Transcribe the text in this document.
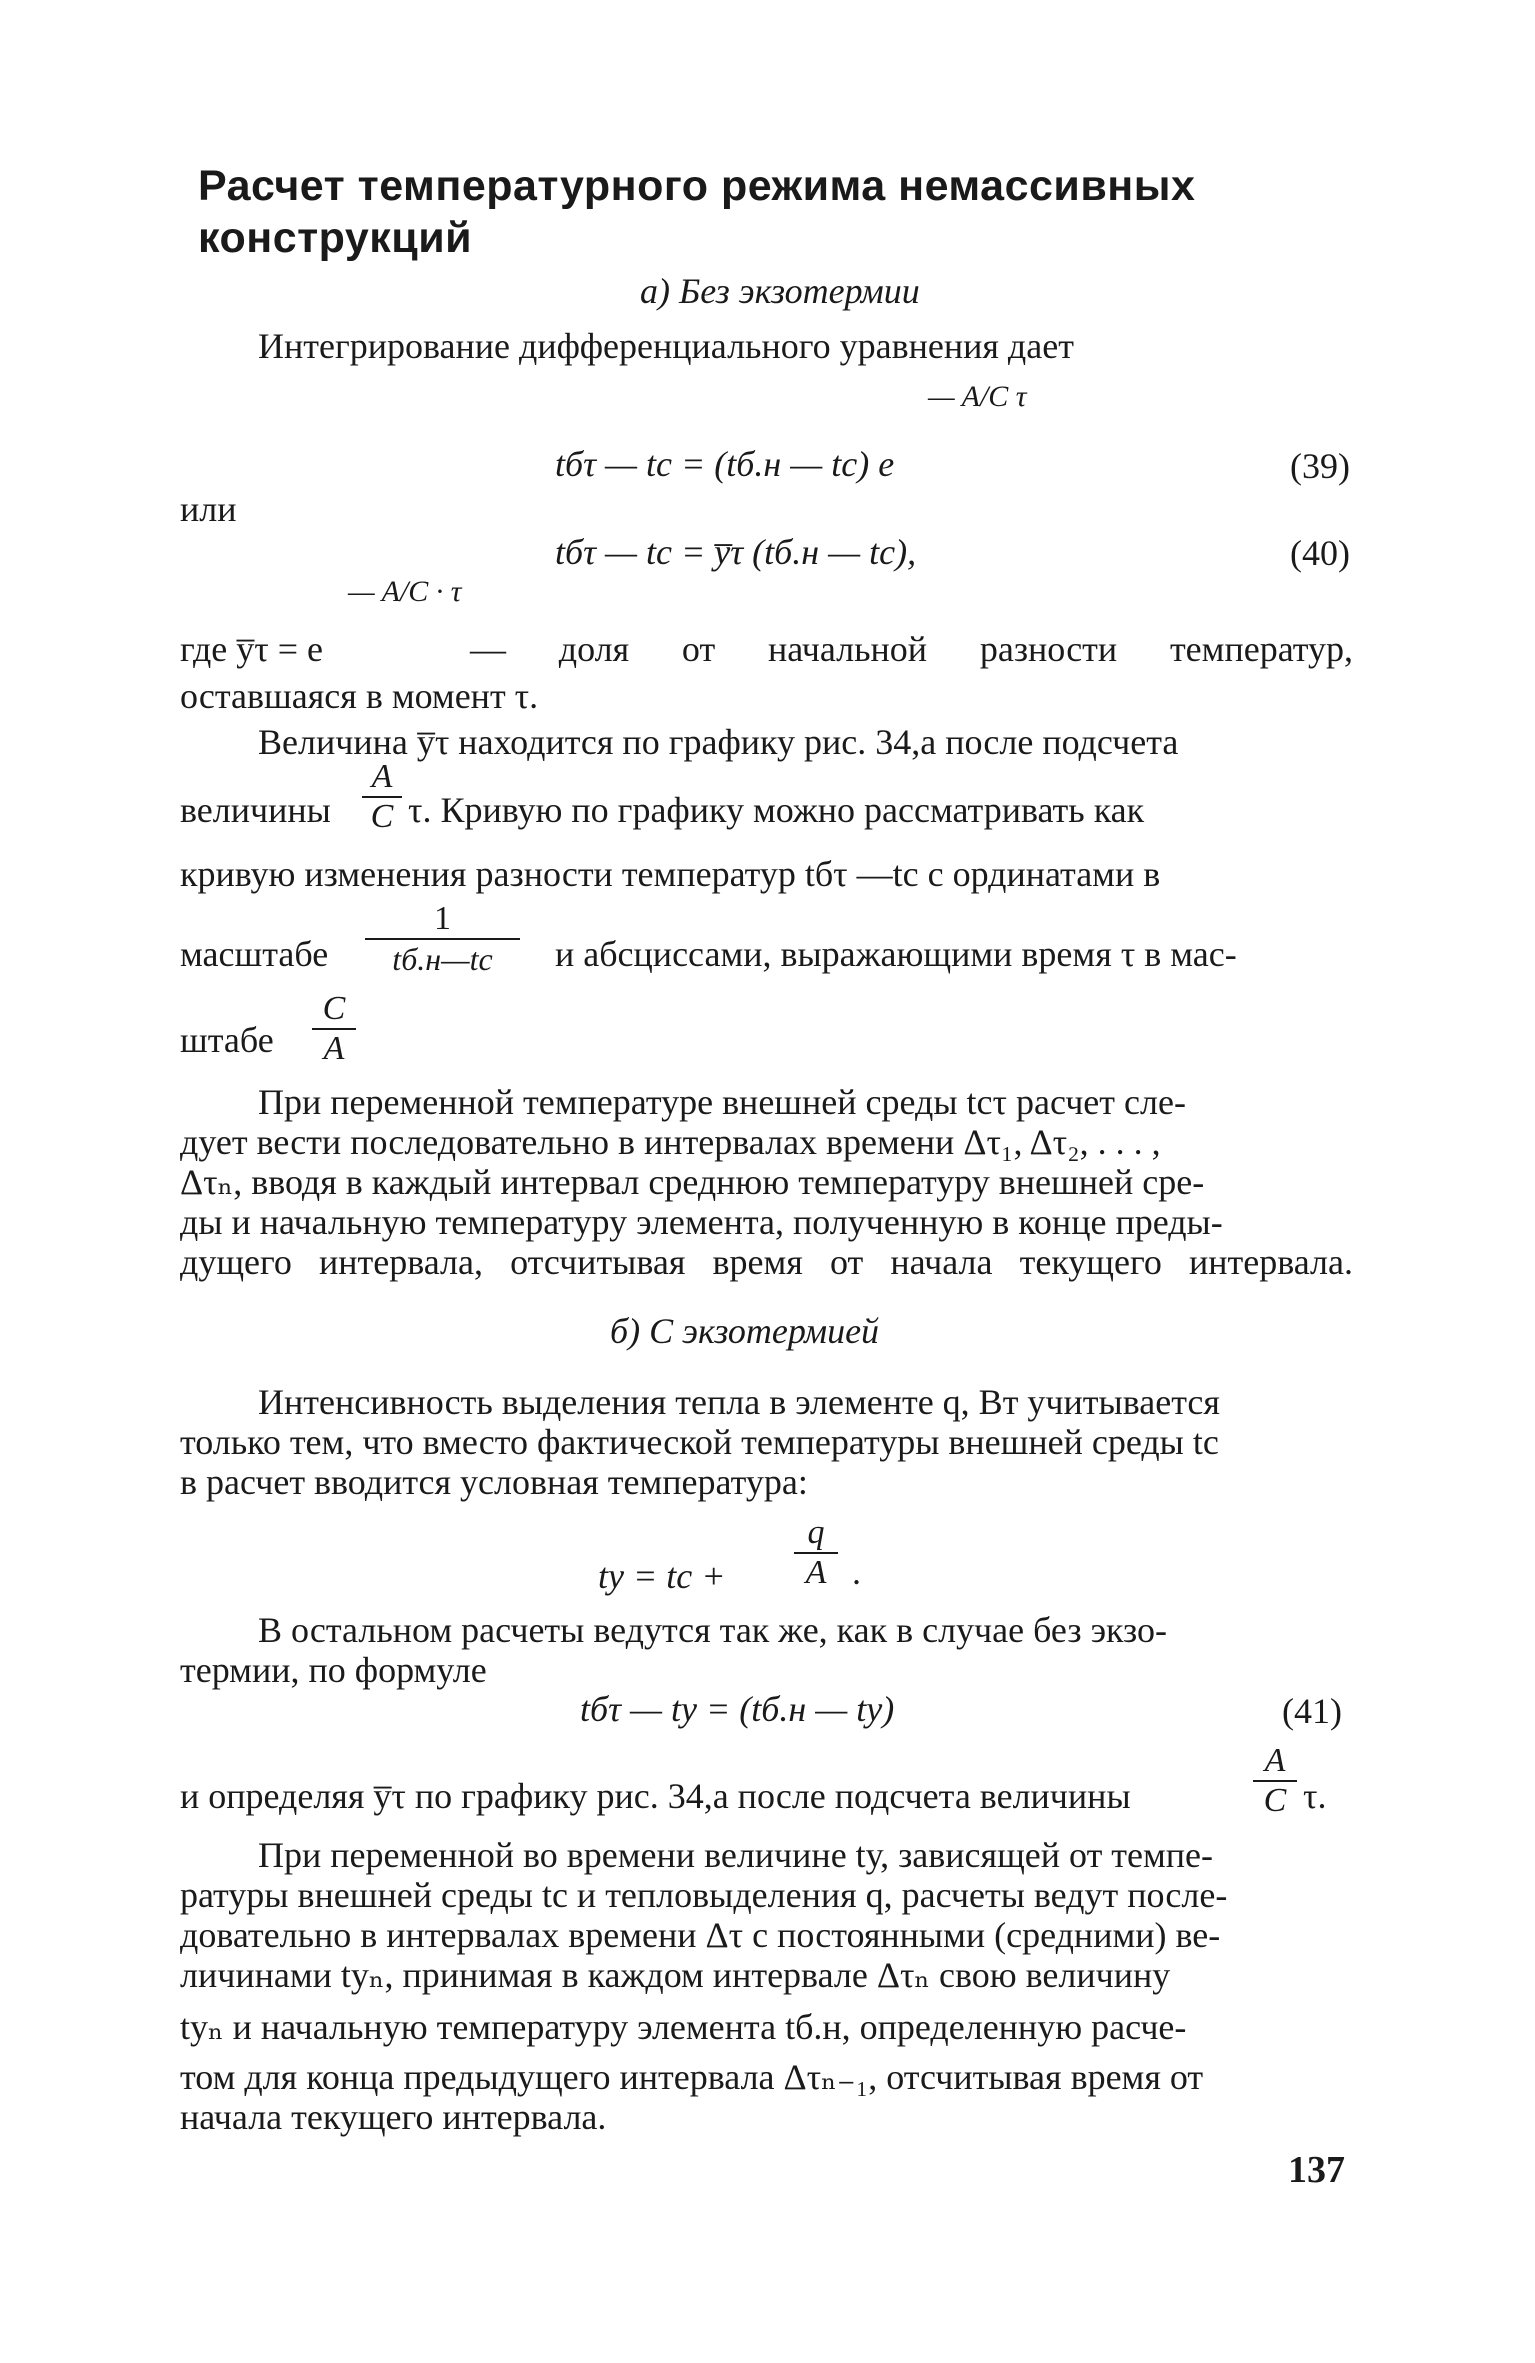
Расчет температурного режима немассивных конструкций
а) Без экзотермии
Интегрирование дифференциального уравнения дает
— A/C τ
tбτ — tс = (tб.н — tс) e	(39)
или
tбτ — tс = y̅τ (tб.н — tс),	(40)
— A/C · τ
где y̅τ = e	— доля от начальной разности температур,
оставшаяся в момент τ.
Величина y̅τ находится по графику рис. 34,а после подсчета
величины $\frac{A}{C} \tau$. Кривую по графику можно рассматривать как
кривую изменения разности температур tбτ —tс с ординатами в
масштабе
1
tб.н—tс	и абсциссами, выражающими время τ в мас-
штабе $\frac{C}{A}$

При переменной температуре внешней среды tсτ расчет сле-

дует вести последовательно в интервалах времени Δτ₁, Δτ₂, . . . ,

Δτₙ, вводя в каждый интервал среднюю температуру внешней сре-

ды и начальную температуру элемента, полученную в конце преды-

дущего интервала, отсчитывая время от начала текущего интервала.

б) С экзотермией

Интенсивность выделения тепла в элементе q, Вт учитывается

только тем, что вместо фактической температуры внешней среды tс

в расчет вводится условная температура:

tу = tс + $\frac{q}{A}$ .

В остальном расчеты ведутся так же, как в случае без экзо-

термии, по формуле

tбτ — tу = (tб.н — tу)	(41)
и определяя y̅τ по графику рис. 34,а после подсчета величины	$\frac{A}{C} \tau$.

При переменной во времени величине tу, зависящей от темпе-

ратуры внешней среды tс и тепловыделения q, расчеты ведут после-

довательно в интервалах времени Δτ с постоянными (средними) ве-

личинами tуₙ, принимая в каждом интервале Δτₙ свою величину

tуₙ и начальную температуру элемента tб.н, определенную расче-

том для конца предыдущего интервала Δτₙ₋₁, отсчитывая время от

начала текущего интервала.

137
